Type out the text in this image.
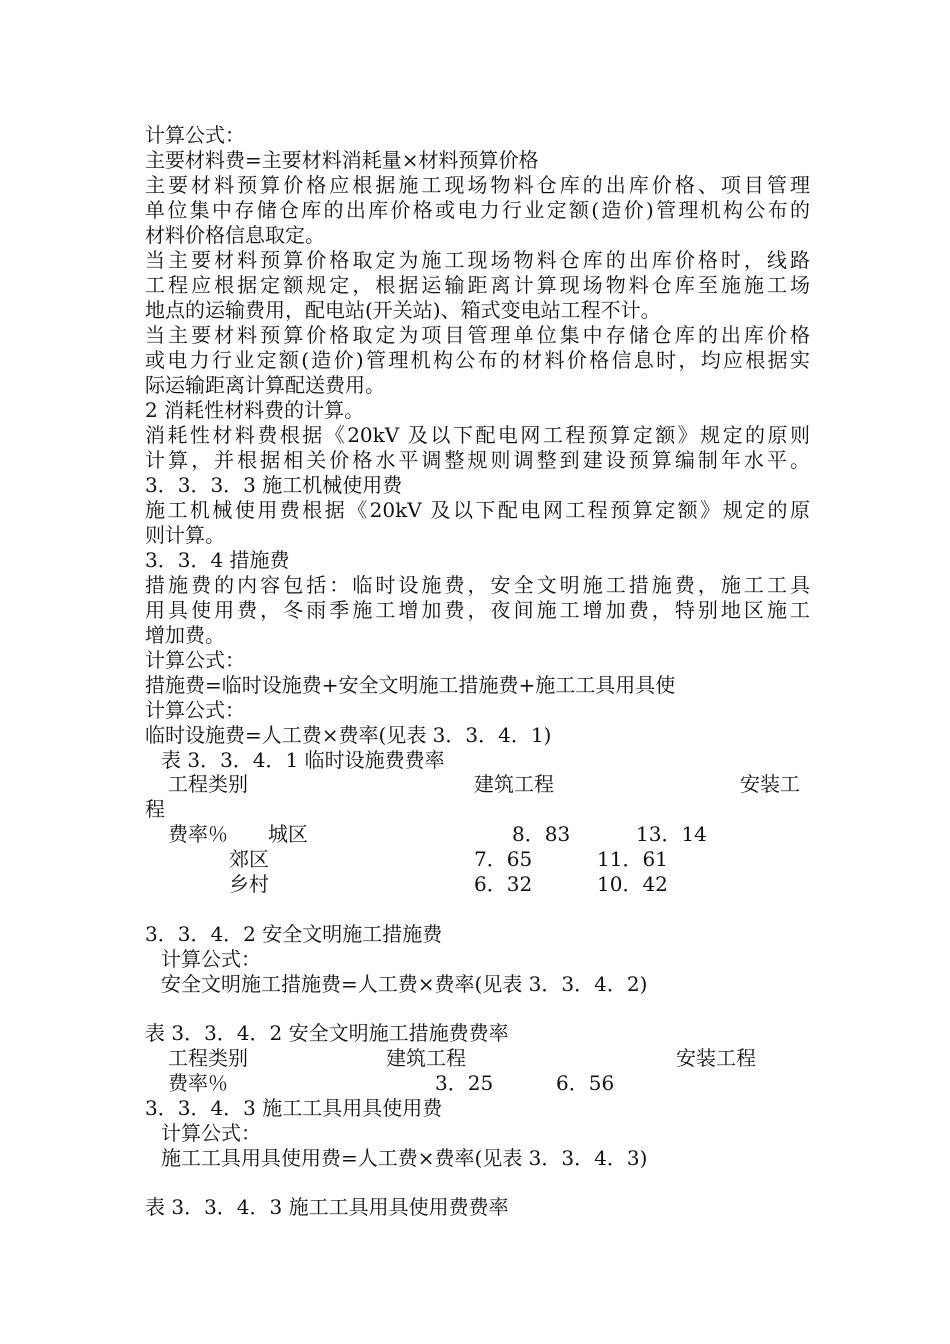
计算公式：
主要材料费=主要材料消耗量×材料预算价格
主要材料预算价格应根据施工现场物料仓库的出库价格、项目管理
单位集中存储仓库的出库价格或电力行业定额(造价)管理机构公布的
材料价格信息取定。
当主要材料预算价格取定为施工现场物料仓库的出库价格时，线路
工程应根据定额规定，根据运输距离计算现场物料仓库至施施工场
地点的运输费用，配电站(开关站)、箱式变电站工程不计。
当主要材料预算价格取定为项目管理单位集中存储仓库的出库价格
或电力行业定额(造价)管理机构公布的材料价格信息时，均应根据实
际运输距离计算配送费用。
2 消耗性材料费的计算。
消耗性材料费根据《20kV 及以下配电网工程预算定额》规定的原则
计算，并根据相关价格水平调整规则调整到建设预算编制年水平。
3．3．3．3 施工机械使用费
施工机械使用费根据《20kV 及以下配电网工程预算定额》规定的原
则计算。
3．3．4 措施费
措施费的内容包括：临时设施费，安全文明施工措施费，施工工具
用具使用费，冬雨季施工增加费，夜间施工增加费，特别地区施工
增加费。
计算公式：
措施费=临时设施费+安全文明施工措施费+施工工具用具使
计算公式：
临时设施费=人工费×费率(见表 3．3．4．1)
表 3．3．4．1 临时设施费费率
工程类别	建筑工程	安装工
程
费率％ 城区	8．83	13．14
郊区	7．65	11．61
乡村	6．32	10．42
3．3．4．2 安全文明施工措施费
计算公式：
安全文明施工措施费=人工费×费率(见表 3．3．4．2)
表 3．3．4．2 安全文明施工措施费费率
工程类别	建筑工程	安装工程
费率％	3．25	6．56
3．3．4．3 施工工具用具使用费
计算公式：
施工工具用具使用费=人工费×费率(见表 3．3．4．3)
表 3．3．4．3 施工工具用具使用费费率
